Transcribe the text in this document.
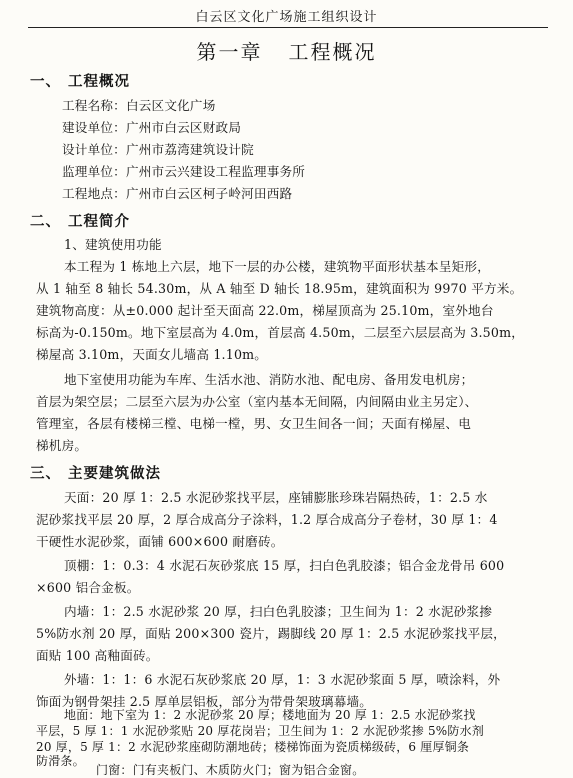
白云区文化广场施工组织设计
第一章 工程概况
一、 工程概况
工程名称：白云区文化广场
建设单位：广州市白云区财政局
设计单位：广州市荔湾建筑设计院
监理单位：广州市云兴建设工程监理事务所
工程地点：广州市白云区柯子岭河田西路
二、 工程简介
1、建筑使用功能
本工程为 1 栋地上六层，地下一层的办公楼，建筑物平面形状基本呈矩形，
从 1 轴至 8 轴长 54.30m，从 A 轴至 D 轴长 18.95m，建筑面积为 9970 平方米。
建筑物高度：从±0.000 起计至天面高 22.0m，梯屋顶高为 25.10m，室外地台
标高为-0.150m。地下室层高为 4.0m，首层高 4.50m，二层至六层层高为 3.50m，
梯屋高 3.10m，天面女儿墙高 1.10m。
地下室使用功能为车库、生活水池、消防水池、配电房、备用发电机房；
首层为架空层；二层至六层为办公室（室内基本无间隔，内间隔由业主另定）、
管理室，各层有楼梯三樘、电梯一樘，男、女卫生间各一间；天面有梯屋、电
梯机房。
三、 主要建筑做法
天面：20 厚 1：2.5 水泥砂浆找平层，座铺膨胀珍珠岩隔热砖，1：2.5 水
泥砂浆找平层 20 厚，2 厚合成高分子涂料，1.2 厚合成高分子卷材，30 厚 1：4
干硬性水泥砂浆，面铺 600×600 耐磨砖。
顶棚：1：0.3：4 水泥石灰砂浆底 15 厚，扫白色乳胶漆；铝合金龙骨吊 600
×600 铝合金板。
内墙：1：2.5 水泥砂浆 20 厚，扫白色乳胶漆；卫生间为 1：2 水泥砂浆掺
5%防水剂 20 厚，面贴 200×300 瓷片，踢脚线 20 厚 1：2.5 水泥砂浆找平层，
面贴 100 高釉面砖。
外墙：1：1：6 水泥石灰砂浆底 20 厚，1：3 水泥砂浆面 5 厚，喷涂料，外
饰面为钢骨架挂 2.5 厚单层铝板，部分为带骨架玻璃幕墙。
地面：地下室为 1：2 水泥砂浆 20 厚；楼地面为 20 厚 1：2.5 水泥砂浆找
平层，5 厚 1：1 水泥砂浆贴 20 厚花岗岩；卫生间为 1：2 水泥砂浆掺 5%防水剂
20 厚，5 厚 1：2 水泥砂浆座砌防潮地砖；楼梯饰面为瓷质梯级砖，6 厘厚铜条
防滑条。
门窗：门有夹板门、木质防火门；窗为铝合金窗。
